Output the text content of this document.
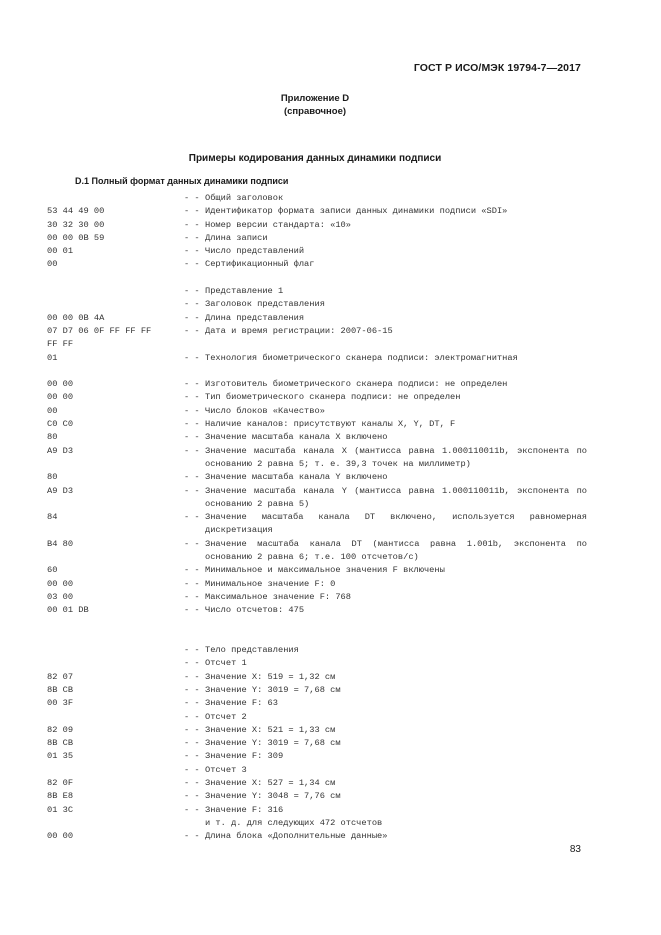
ГОСТ Р ИСО/МЭК 19794-7—2017
Приложение D
(справочное)
Примеры кодирования данных динамики подписи
D.1 Полный формат данных динамики подписи
- - Общий заголовок
53 44 49 00	- - Идентификатор формата записи данных динамики подписи «SDI»
30 32 30 00	- - Номер версии стандарта: «10»
00 00 0B 59	- - Длина записи
00 01	- - Число представлений
00	- - Сертификационный флаг
- - Представление 1
- - Заголовок представления
00 00 0B 4A	- - Длина представления
07 D7 06 0F FF FF FF	- - Дата и время регистрации: 2007-06-15
FF FF
01	- - Технология биометрического сканера подписи: электромагнитная
00 00	- - Изготовитель биометрического сканера подписи: не определен
00 00	- - Тип биометрического сканера подписи: не определен
00	- - Число блоков «Качество»
C0 C0	- - Наличие каналов: присутствуют каналы X, Y, DT, F
80	- - Значение масштаба канала X включено
A9 D3	- - Значение масштаба канала X (мантисса равна 1.000110011b, экспонента по основанию 2 равна 5; т. е. 39,3 точек на миллиметр)
80	- - Значение масштаба канала Y включено
A9 D3	- - Значение масштаба канала Y (мантисса равна 1.000110011b, экспонента по основанию 2 равна 5)
84	- - Значение масштаба канала DT включено, используется равномерная дискретизация
B4 80	- - Значение масштаба канала DT (мантисса равна 1.001b, экспонента по основанию 2 равна 6; т.е. 100 отсчетов/с)
60	- - Минимальное и максимальное значения F включены
00 00	- - Минимальное значение F: 0
03 00	- - Максимальное значение F: 768
00 01 DB	- - Число отсчетов: 475
- - Тело представления
- - Отсчет 1
82 07	- - Значение X: 519 = 1,32 см
8B CB	- - Значение Y: 3019 = 7,68 см
00 3F	- - Значение F: 63
- - Отсчет 2
82 09	- - Значение X: 521 = 1,33 см
8B CB	- - Значение Y: 3019 = 7,68 см
01 35	- - Значение F: 309
- - Отсчет 3
82 0F	- - Значение X: 527 = 1,34 см
8B E8	- - Значение Y: 3048 = 7,76 см
01 3C	- - Значение F: 316
и т. д. для следующих 472 отсчетов
00 00	- - Длина блока «Дополнительные данные»
83
